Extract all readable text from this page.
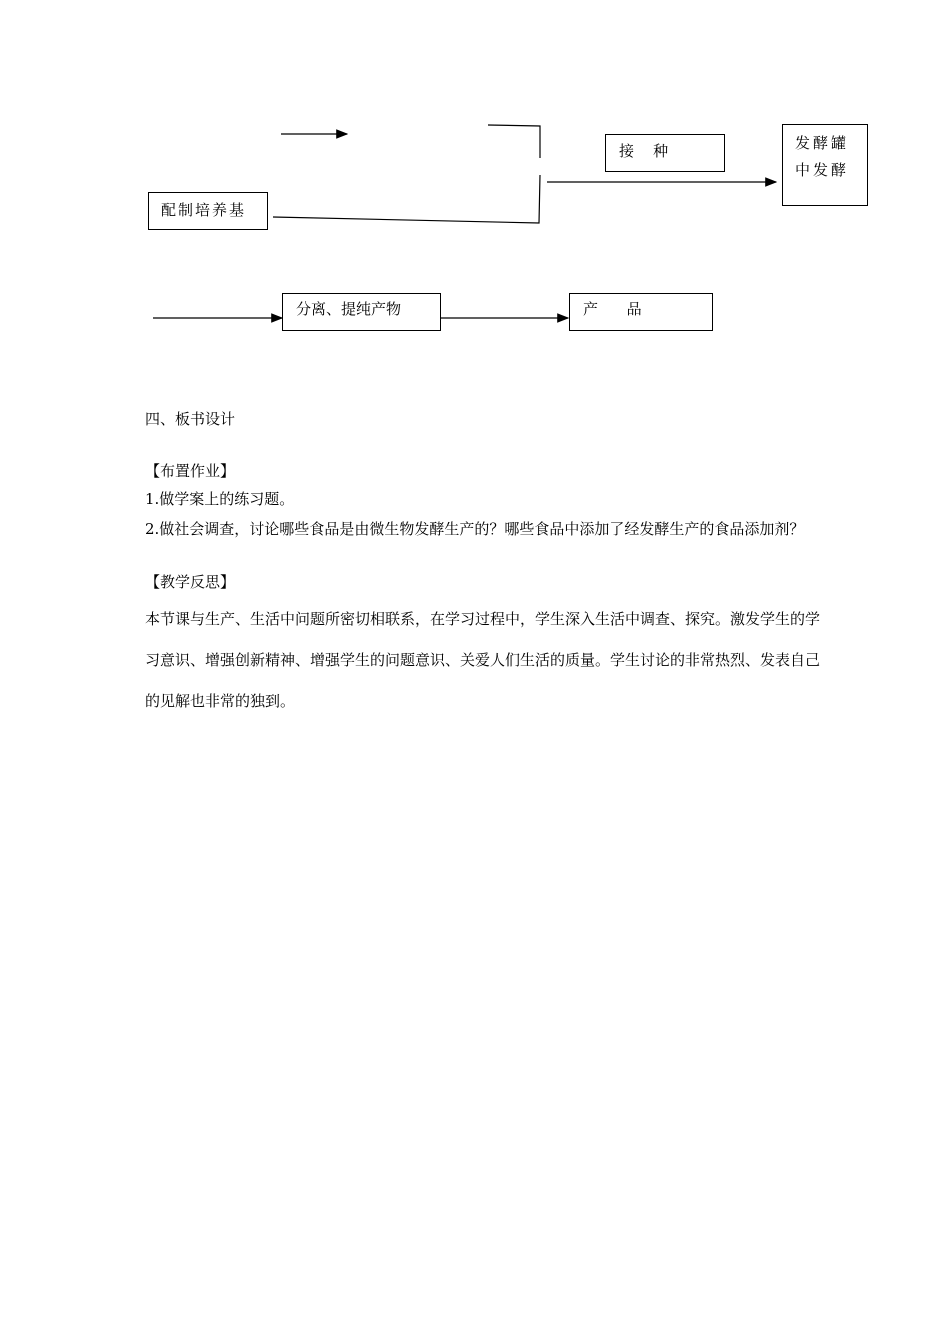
配制培养基
接    种	发酵罐中发酵
分离、提纯产物	产      品
四、板书设计
【布置作业】
1.做学案上的练习题。
2.做社会调查，讨论哪些食品是由微生物发酵生产的？哪些食品中添加了经发酵生产的食品添加剂？
【教学反思】
本节课与生产、生活中问题所密切相联系，在学习过程中，学生深入生活中调查、探究。激发学生的学习意识、增强创新精神、增强学生的问题意识、关爱人们生活的质量。学生讨论的非常热烈、发表自己的见解也非常的独到。
